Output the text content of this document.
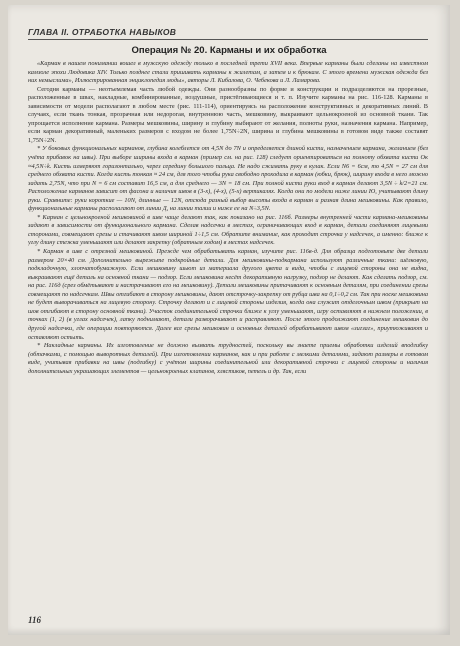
ГЛАВА II. ОТРАБОТКА НАВЫКОВ
Операция № 20. Карманы и их обработка

«Карман в нашем понимании вошел в мужскую одежду только в последней трети XVII века. Впервые карманы были сделаны на известном камзоле эпохи Людовика XIV. Только позднее стали пришивать карманы к жилетам, а затем и к брюкам. С этого времени мужская одежда без них немыслима», Иллюстрированная энциклопедия моды», авторы Л. Кибалова, О. Чебекова и Л. Ламарова.

Сегодня карманы — неотъемлемая часть любой одежды. Они разнообразны по форме и конструкции и подразделяются на прорезные, расположенные в швах, накладные, комбинированные, воздушные, пристёгивающиеся и т. п. Изучите карманы на рис. 116-128. Карманы в зависимости от модели располагают в любом месте (рис. 111-114), ориентируясь на расположение конструктивных и декоративных линий. В случаях, если ткань тонкая, прозрачная или недорогая, внутреннюю часть, мешковину, выкраивают цельнокроеной из основной ткани. Так упрощается исполнение кармана. Размеры мешковины, ширину и глубину выбирают от желания, полноты руки, назначения кармана. Например, если карман декоративный, маленьких размеров с входом не более 1,75N÷2N, ширина и глубина мешковины в готовом виде также составят 1,75N÷2N.

* У боковых функциональных карманов, глубина колеблется от 4,5N до 7N и определяется длиной кисти, назначением кармана, желанием (без учёта прибавок на швы). При выборе ширины входа в карман (пример см. на рис. 128) следует ориентироваться на полноту обхвата кисти Ок ≈4,5N÷k. Кисть измеряют горизонтально, через середину большого пальца. Не надо сжимать руку в кулак. Если N6 = 6см, то 4,5N = 27 см для среднего обхвата кисти. Когда кисть тонкая ≈ 24 см, для того чтобы рука свободно проходила в карман (юбки, брюк), ширину входа в него можно задать 2,75N, что при N = 6 см составит 16,5 см, а для среднего — 3N = 18 см. При полной кисти руки вход в карман делают 3,5N ÷ k/2=21 см. Расположение карманов зависит от фасона и наличия швов в (3-х), (4-х), (5-х) вертикалях. Когда они по модели ниже линии Ю, учитывают длину руки. Сравните: руки короткие — 10N, длинные — 12N, отсюда разный выбор высоты входа в карман и разная длина мешковины. Как правило, функциональные карманы располагают от линии Д, на линии талии и ниже ее на N÷3,5N.

* Карман с цельнокроеной мешковиной в шве чаще делают так, как показано на рис. 116б. Размеры внутренней части кармана-мешковины задают в зависимости от функционального кармана. Сделав надсечки в местах, ограничивающих вход в карман, детали соединяют лицевыми сторонами, совмещают срезы и стачивают швом шириной 1÷1,5 см. Обратите внимание, как проходит строчка у надсечек, а именно: ближе к углу длину стежка уменьшают или делают закрепку (обратным ходом) в местах надсечек.

* Карман в шве с отрезной мешковиной. Прежде чем обрабатывать карман, изучите рис. 116в-д. Для образца подготовьте две детали размером 20×40 см. Дополнительно вырежьте подкройные детали. Для мешковины-подкармана используют различные ткани: шёлковую, подкладочную, хлопчатобумажную. Если мешковину шьют из материала другого цвета и вида, чтобы с лицевой стороны она не видна, выкраивают ещё деталь на основной ткани — подзор. Если мешковина несёт декоративную нагрузку, подзор не делают. Как сделать подзор, см. на рис. 116д (срез обмётывают и настрачивают его на мешковину). Детали мешковины притачивают к основным деталям, при соединении срезы совмещают по надсечкам. Швы отгибают в сторону мешковины, дают отстрочку-закрепку от рубца шва на 0,1÷0,2 см. Так при носке мешковина не будет выворачиваться на лицевую сторону. Строчку делают и с лицевой стороны изделия, когда она служит отделочным швом (прикрыт на шов отгибают в сторону основной ткани). Участок соединительной строчки ближе к углу уменьшают, игру оставляют в нижнем положении, в точках (1, 2) (в углах надсечек), лапку поднимают, детали разворачивают и расправляют. После этого продолжают соединение мешковин до другой надсечки, где операции повторяются. Далее все срезы мешковин и основных деталей обрабатывают швом «зигзаг», приутюживают и оставляют остыть.

* Накладные карманы. Их изготовление не должно вызвать трудностей, поскольку вы знаете приемы обработки изделий вподгибку (обтачками, с помощью выворотных деталей). При изготовлении карманов, как и при работе с мелкими деталями, задают размеры в готовом виде, учитывая прибавки на швы (подгибку) с учётом ширины соединительной или декоративной строчки с лицевой стороны и наличия дополнительных украшающих элементов — цельнокроеных клапанов, хлястиков, петель и др. Так, если

116
